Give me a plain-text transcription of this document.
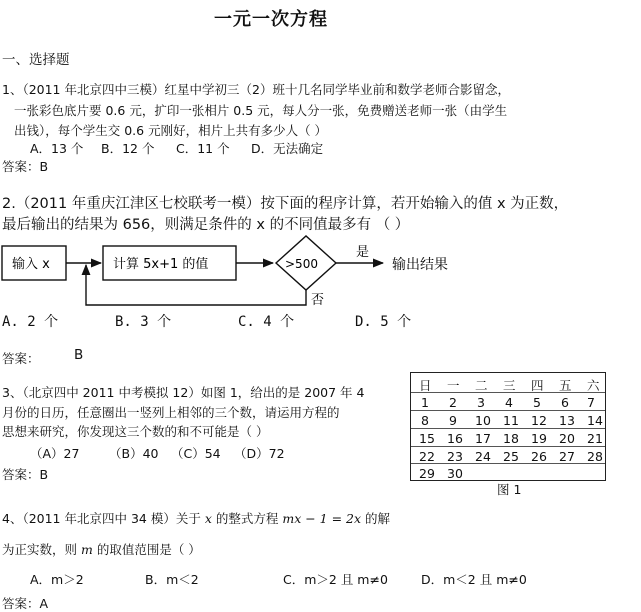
一元一次方程
一、选择题
1、（2011 年北京四中三模）红星中学初三（2）班十几名同学毕业前和数学老师合影留念，
一张彩色底片要 0.6 元，扩印一张相片 0.5 元，每人分一张，免费赠送老师一张（由学生
出钱），每个学生交 0.6 元刚好，相片上共有多少人（ ）
A．13 个 B．12 个 C．11 个 D．无法确定
答案：B
2.（2011 年重庆江津区七校联考一模）按下面的程序计算，若开始输入的值 x 为正数，
最后输出的结果为 656，则满足条件的 x 的不同值最多有 （ ）
输入 x	计算 5x+1 的值	>500
是
输出结果
否
A. 2 个	B. 3 个	C. 4 个	D. 5 个
答案：	B
3、（北京四中 2011 中考模拟 12）如图 1，给出的是 2007 年 4
月份的日历，任意圈出一竖列上相邻的三个数，请运用方程的
思想来研究，你发现这三个数的和不可能是（ ）
（A）27 （B）40 （C）54 （D）72
答案：B
日	一	二	三	四	五	六
1	2	3	4	5	6	7
8	9	10 11 12 13 14
15 16 17 18 19 20 21
22 23 24 25 26 27 28
29 30
图 1
4、（2011 年北京四中 34 模）关于 x 的整式方程 mx − 1 = 2x 的解
为正实数，则 m 的取值范围是（ ）
A．m＞2	B．m＜2	C．m＞2 且 m≠0	D．m＜2 且 m≠0
答案：A
